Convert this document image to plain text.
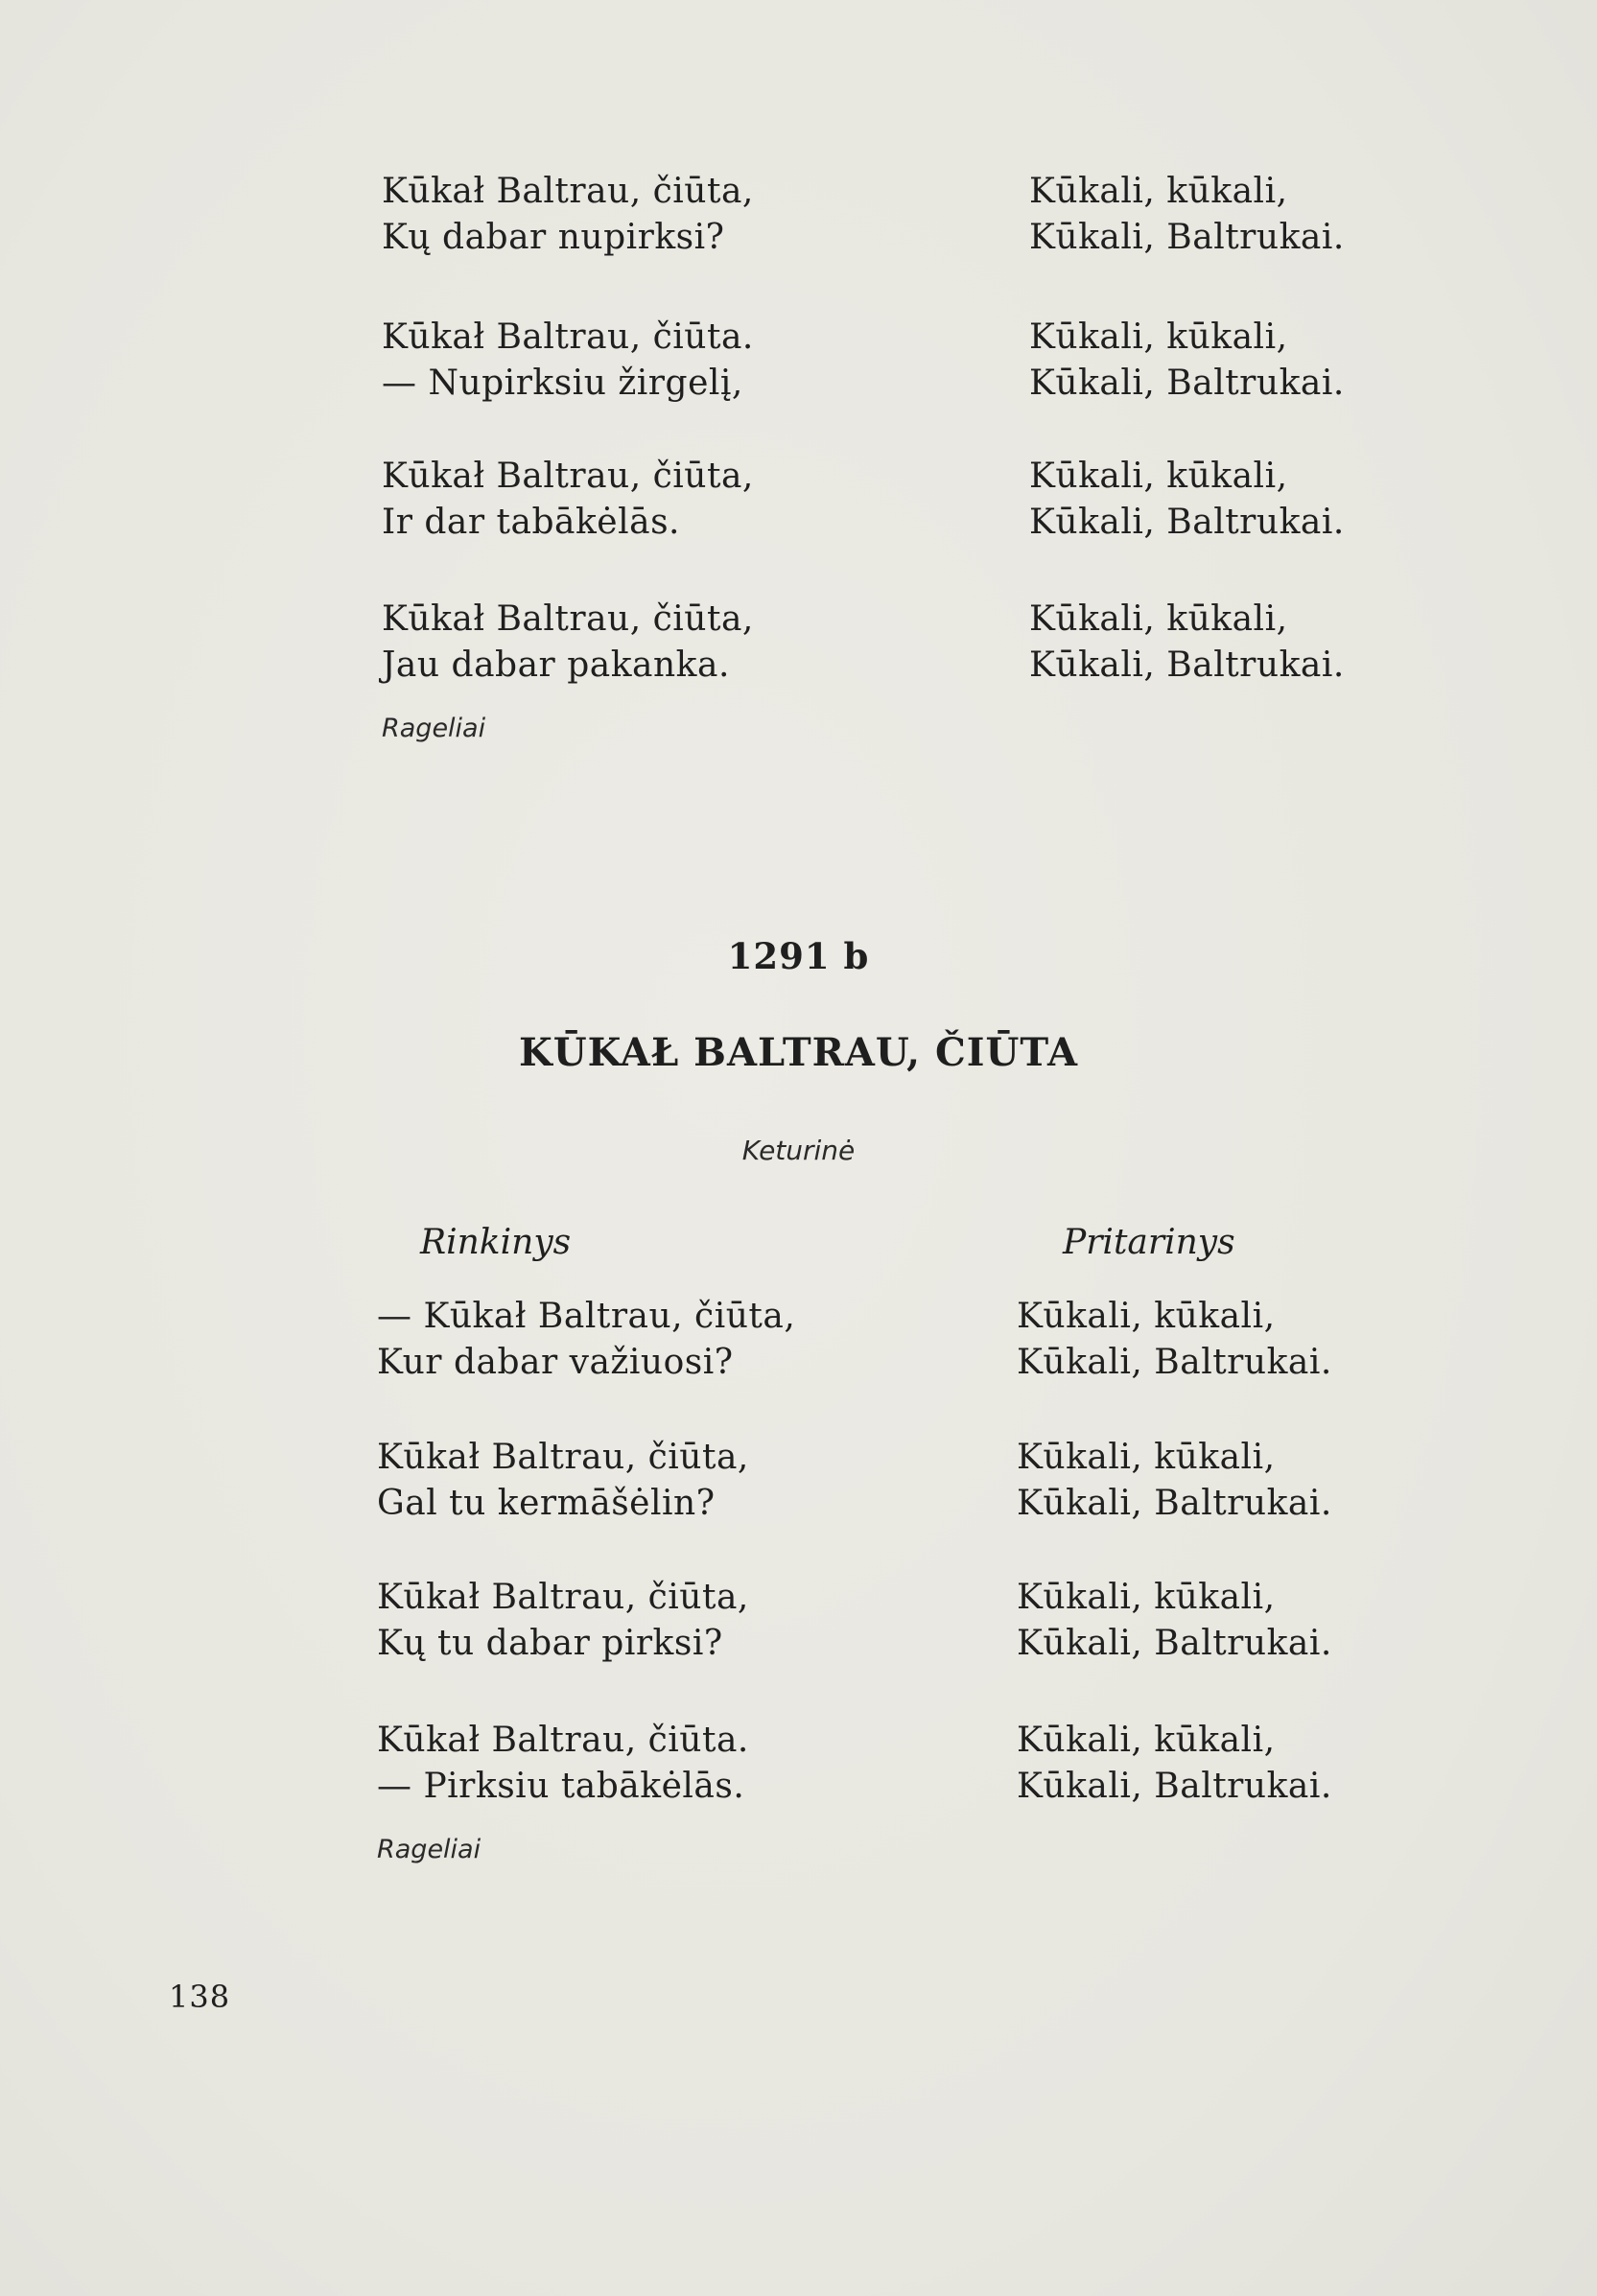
Kūkał Baltrau, čiūta,
Kų dabar nupirksi?
Kūkali, kūkali,
Kūkali, Baltrukai.
Kūkał Baltrau, čiūta.
— Nupirksiu žirgelį,
Kūkali, kūkali,
Kūkali, Baltrukai.
Kūkał Baltrau, čiūta,
Ir dar tabākėlās.
Kūkali, kūkali,
Kūkali, Baltrukai.
Kūkał Baltrau, čiūta,
Jau dabar pakanka.
Kūkali, kūkali,
Kūkali, Baltrukai.
Rageliai
1291 b
KŪKAŁ BALTRAU, ČIŪTA
Keturinė
Rinkinys	Pritarinys
— Kūkał Baltrau, čiūta,
Kur dabar važiuosi?
Kūkali, kūkali,
Kūkali, Baltrukai.
Kūkał Baltrau, čiūta,
Gal tu kermāšėlin?
Kūkali, kūkali,
Kūkali, Baltrukai.
Kūkał Baltrau, čiūta,
Kų tu dabar pirksi?
Kūkali, kūkali,
Kūkali, Baltrukai.
Kūkał Baltrau, čiūta.
— Pirksiu tabākėlās.
Kūkali, kūkali,
Kūkali, Baltrukai.
Rageliai
138
